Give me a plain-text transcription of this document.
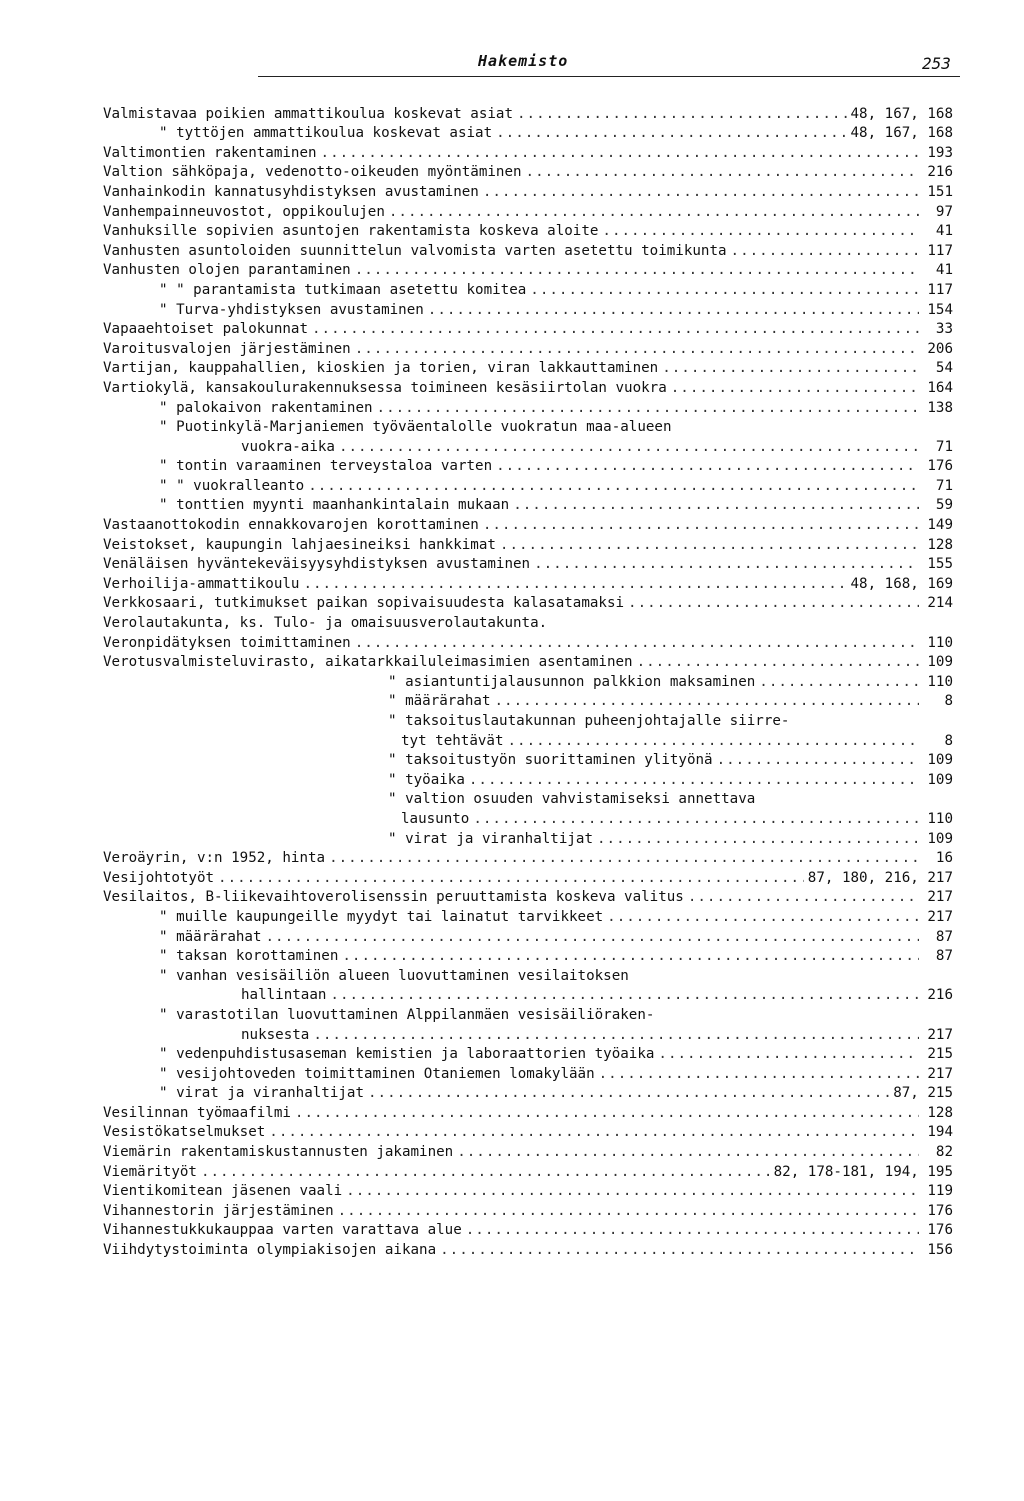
Hakemisto	253
Valmistavaa poikien ammattikoulua koskevat asiat .....	48, 167, 168
" tyttöjen ammattikoulua koskevat asiat .....	48, 167, 168
Valtimontien rakentaminen .....	193
Valtion sähköpaja, vedenotto-oikeuden myöntäminen .....	216
Vanhainkodin kannatusyhdistyksen avustaminen .....	151
Vanhempainneuvostot, oppikoulujen .....	97
Vanhuksille sopivien asuntojen rakentamista koskeva aloite .....	41
Vanhusten asuntoloiden suunnittelun valvomista varten asetettu toimikunta .....	117
Vanhusten olojen parantaminen .....	41
" " parantamista tutkimaan asetettu komitea .....	117
" Turva-yhdistyksen avustaminen .....	154
Vapaaehtoiset palokunnat .....	33
Varoitusvalojen järjestäminen .....	206
Vartijan, kauppahallien, kioskien ja torien, viran lakkauttaminen .....	54
Vartiokylä, kansakoulurakennuksessa toimineen kesäsiirtolan vuokra .....	164
" palokaivon rakentaminen .....	138
" Puotinkylä-Marjaniemen työväentalolle vuokratun maa-alueen
vuokra-aika .....	71
" tontin varaaminen terveystaloa varten .....	176
" " vuokralleanto .....	71
" tonttien myynti maanhankintalain mukaan .....	59
Vastaanottokodin ennakkovarojen korottaminen .....	149
Veistokset, kaupungin lahjaesineiksi hankkimat .....	128
Venäläisen hyväntekeväisyysyhdistyksen avustaminen .....	155
Verhoilija-ammattikoulu .....	48, 168, 169
Verkkosaari, tutkimukset paikan sopivaisuudesta kalasatamaksi .....	214
Verolautakunta, ks. Tulo- ja omaisuusverolautakunta.
Veronpidätyksen toimittaminen .....	110
Verotusvalmisteluvirasto, aikatarkkailuleimasimien asentaminen .....	109
" asiantuntijalausunnon palkkion maksaminen .....	110
" määrärahat .....	8
" taksoituslautakunnan puheenjohtajalle siirre-
tyt tehtävät .....	8
" taksoitustyön suorittaminen ylityönä .....	109
" työaika .....	109
" valtion osuuden vahvistamiseksi annettava
lausunto .....	110
" virat ja viranhaltijat .....	109
Veroäyrin, v:n 1952, hinta .....	16
Vesijohtotyöt .....	87, 180, 216, 217
Vesilaitos, B-liikevaihtoverolisenssin peruuttamista koskeva valitus .....	217
" muille kaupungeille myydyt tai lainatut tarvikkeet .....	217
" määrärahat .....	87
" taksan korottaminen .....	87
" vanhan vesisäiliön alueen luovuttaminen vesilaitoksen
hallintaan .....	216
" varastotilan luovuttaminen Alppilanmäen vesisäiliöraken-
nuksesta .....	217
" vedenpuhdistusaseman kemistien ja laboraattorien työaika .....	215
" vesijohtoveden toimittaminen Otaniemen lomakylään .....	217
" virat ja viranhaltijat .....	87, 215
Vesilinnan työmaafilmi .....	128
Vesistökatselmukset .....	194
Viemärin rakentamiskustannusten jakaminen .....	82
Viemärityöt .....	82, 178-181, 194, 195
Vientikomitean jäsenen vaali .....	119
Vihannestorin järjestäminen .....	176
Vihannestukkukauppaa varten varattava alue .....	176
Viihdytystoiminta olympiakisojen aikana .....	156
